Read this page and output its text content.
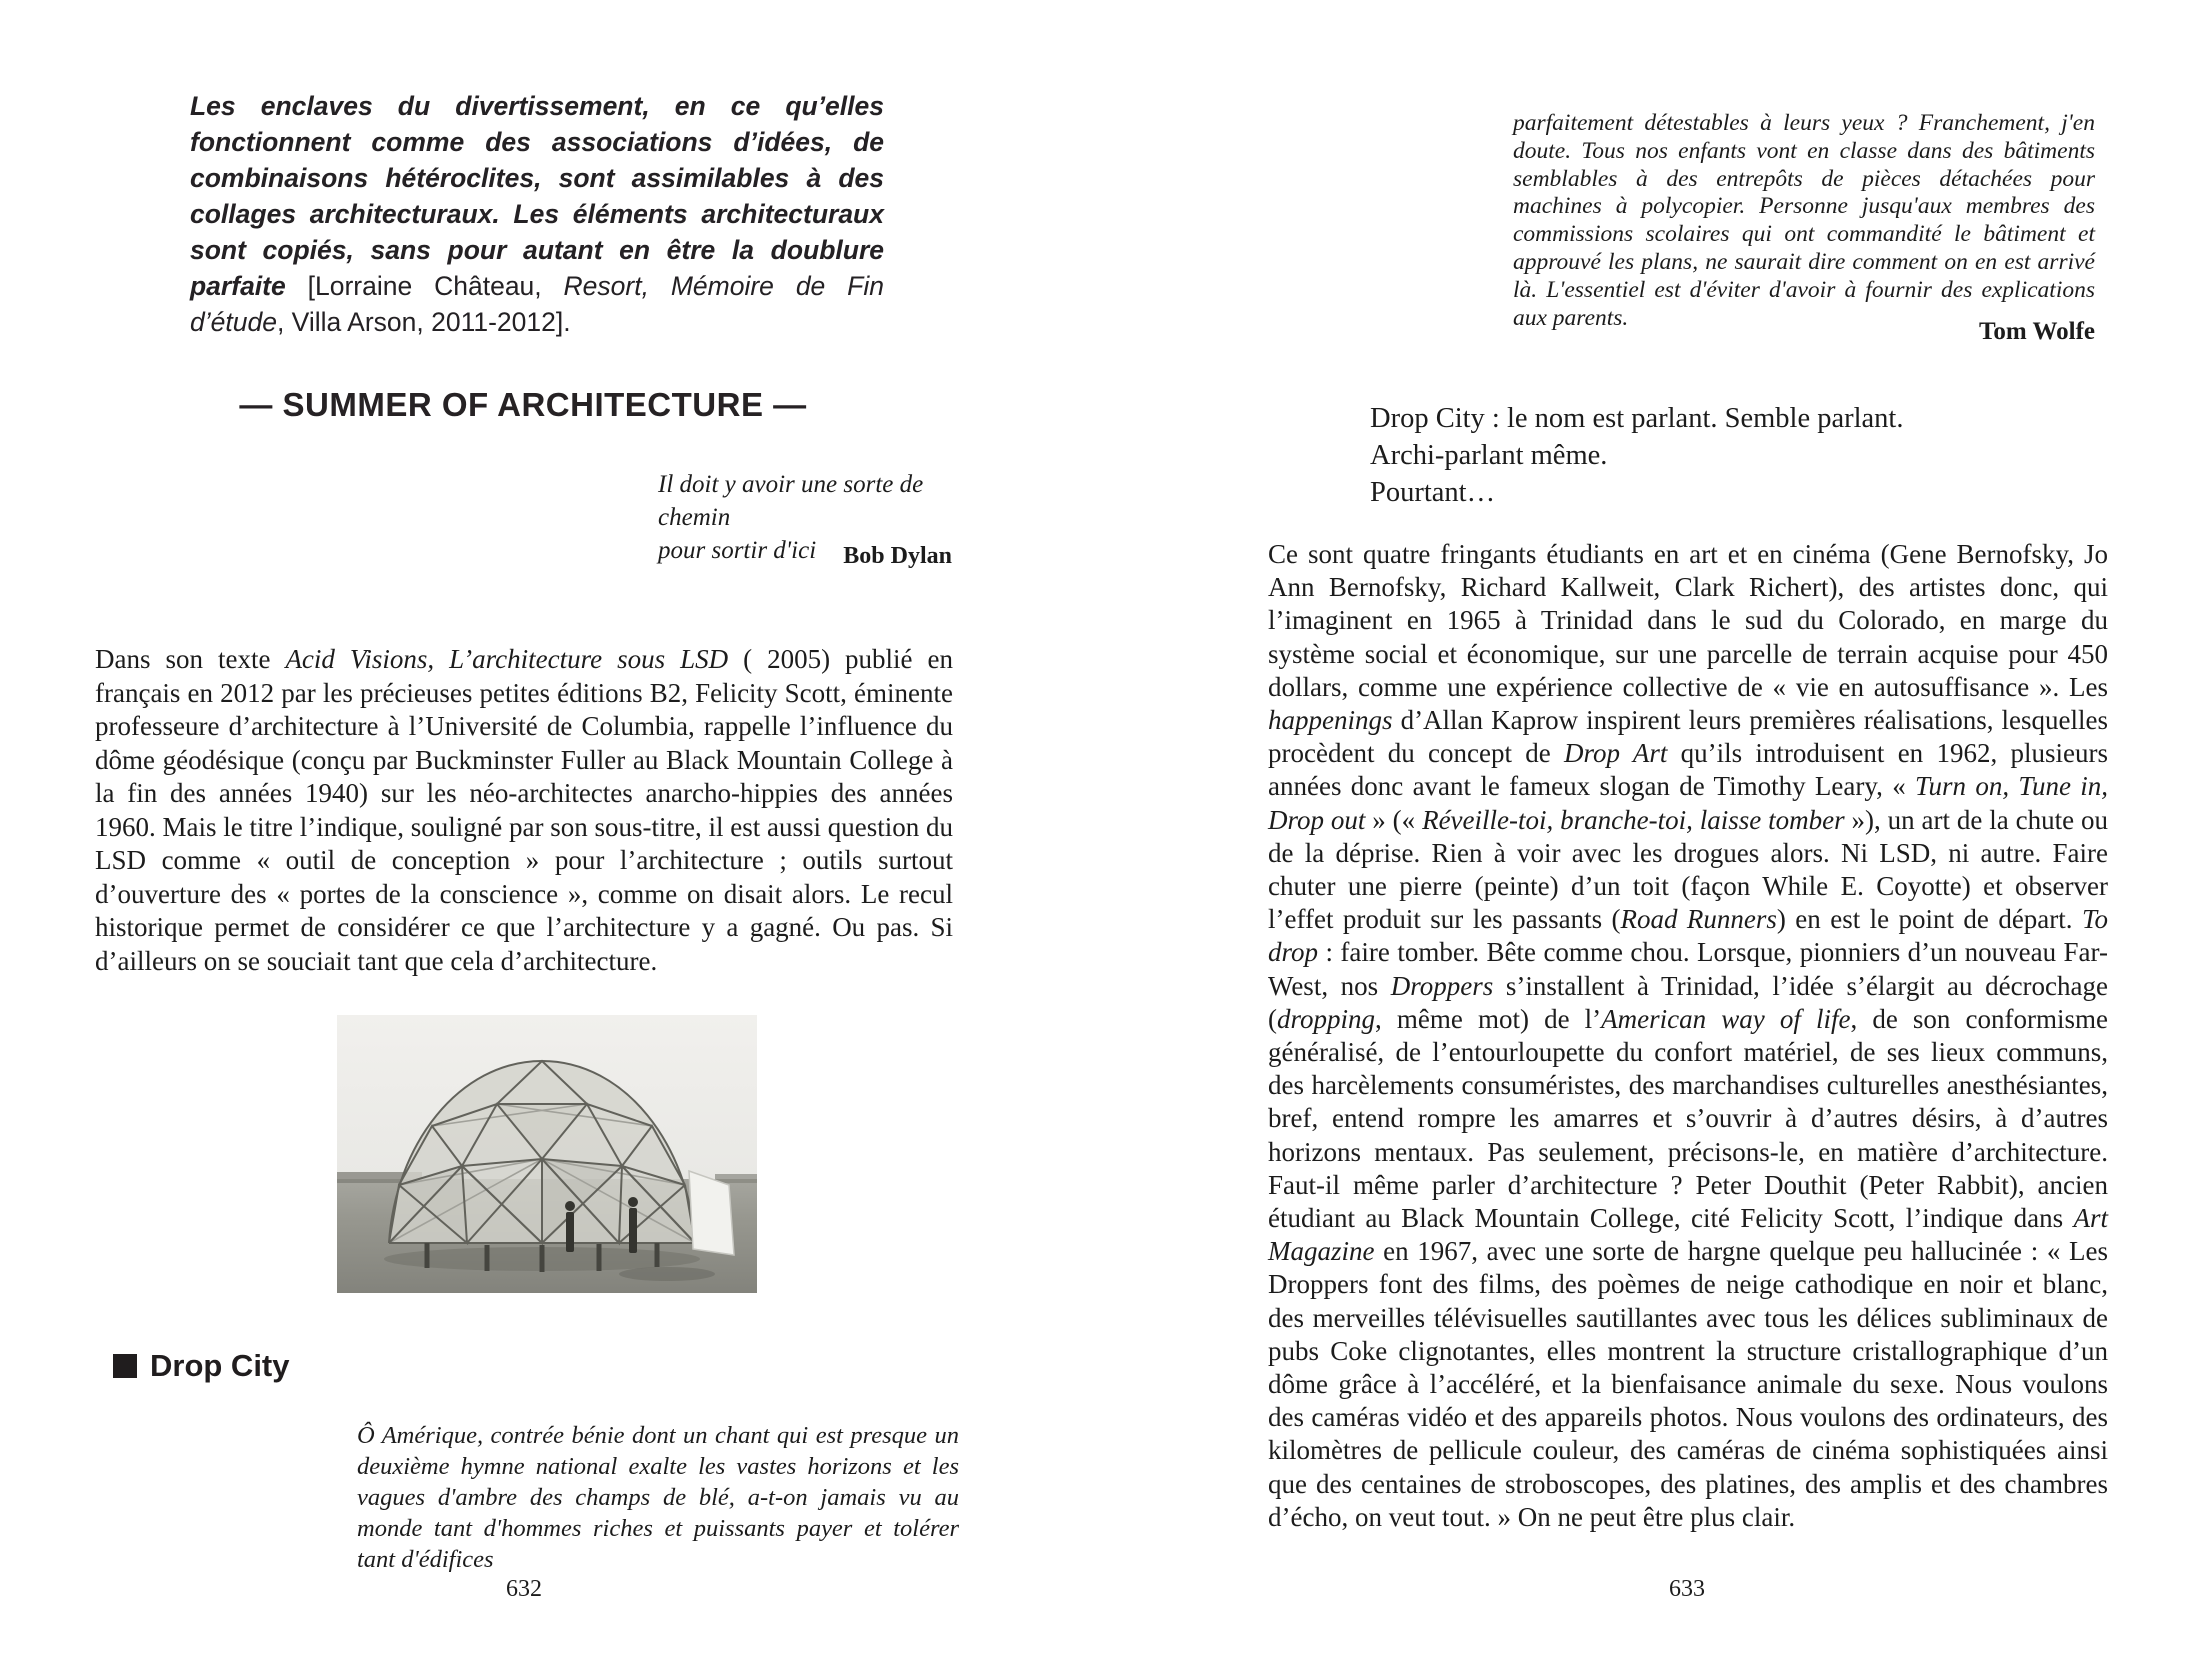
Les enclaves du divertissement, en ce qu’elles fonctionnent comme des associations d’idées, de combinaisons hétéroclites, sont assimilables à des collages architecturaux. Les éléments architecturaux sont copiés, sans pour autant en être la doublure parfaite [Lorraine Château, Resort, Mémoire de Fin d’étude, Villa Arson, 2011-2012].
— SUMMER OF ARCHITECTURE —
Il doit y avoir une sorte de chemin
pour sortir d'ici	Bob Dylan
Dans son texte Acid Visions, L’architecture sous LSD ( 2005) publié en français en 2012 par les précieuses petites éditions B2, Felicity Scott, éminente professeure d’architecture à l’Université de Columbia, rappelle l’influence du dôme géodésique (conçu par Buckminster Fuller au Black Mountain College à la fin des années 1940) sur les néo-architectes anarcho-hippies des années 1960. Mais le titre l’indique, souligné par son sous-titre, il est aussi question du LSD comme « outil de conception » pour l’architecture ; outils surtout d’ouverture des « portes de la conscience », comme on disait alors. Le recul historique permet de considérer ce que l’architecture y a gagné. Ou pas. Si d’ailleurs on se souciait tant que cela d’architecture.
Drop City
Ô Amérique, contrée bénie dont un chant qui est presque un deuxième hymne national exalte les vastes horizons et les vagues d'ambre des champs de blé, a-t-on jamais vu au monde tant d'hommes riches et puissants payer et tolérer tant d'édifices
632
parfaitement détestables à leurs yeux ? Franchement, j'en doute. Tous nos enfants vont en classe dans des bâtiments semblables à des entrepôts de pièces détachées pour machines à polycopier. Personne jusqu'aux membres des commissions scolaires qui ont commandité le bâtiment et approuvé les plans, ne saurait dire comment on en est arrivé là. L'essentiel est d'éviter d'avoir à fournir des explications aux parents.
Tom Wolfe
Drop City : le nom est parlant. Semble parlant.
Archi-parlant même.
Pourtant…
Ce sont quatre fringants étudiants en art et en cinéma (Gene Bernofsky, Jo Ann Bernofsky, Richard Kallweit, Clark Richert), des artistes donc, qui l’imaginent en 1965 à Trinidad dans le sud du Colorado, en marge du système social et économique, sur une parcelle de terrain acquise pour 450 dollars, comme une expérience collective de « vie en autosuffisance ». Les happenings d’Allan Kaprow inspirent leurs premières réalisations, lesquelles procèdent du concept de Drop Art qu’ils introduisent en 1962, plusieurs années donc avant le fameux slogan de Timothy Leary, « Turn on, Tune in, Drop out » (« Réveille-toi, branche-toi, laisse tomber »), un art de la chute ou de la déprise. Rien à voir avec les drogues alors. Ni LSD, ni autre. Faire chuter une pierre (peinte) d’un toit (façon While E. Coyotte) et observer l’effet produit sur les passants (Road Runners) en est le point de départ. To drop : faire tomber. Bête comme chou. Lorsque, pionniers d’un nouveau Far-West, nos Droppers s’installent à Trinidad, l’idée s’élargit au décrochage (dropping, même mot) de l’American way of life, de son conformisme généralisé, de l’entourloupette du confort matériel, de ses lieux communs, des harcèlements consuméristes, des marchandises culturelles anesthésiantes, bref, entend rompre les amarres et s’ouvrir à d’autres désirs, à d’autres horizons mentaux. Pas seulement, précisons-le, en matière d’architecture. Faut-il même parler d’architecture ? Peter Douthit (Peter Rabbit), ancien étudiant au Black Mountain College, cité Felicity Scott, l’indique dans Art Magazine en 1967, avec une sorte de hargne quelque peu hallucinée : « Les Droppers font des films, des poèmes de neige cathodique en noir et blanc, des merveilles télévisuelles sautillantes avec tous les délices subliminaux de pubs Coke clignotantes, elles montrent la structure cristallographique d’un dôme grâce à l’accéléré, et la bienfaisance animale du sexe. Nous voulons des caméras vidéo et des appareils photos. Nous voulons des ordinateurs, des kilomètres de pellicule couleur, des caméras de cinéma sophistiquées ainsi que des centaines de stroboscopes, des platines, des amplis et des chambres d’écho, on veut tout. » On ne peut être plus clair.
633
